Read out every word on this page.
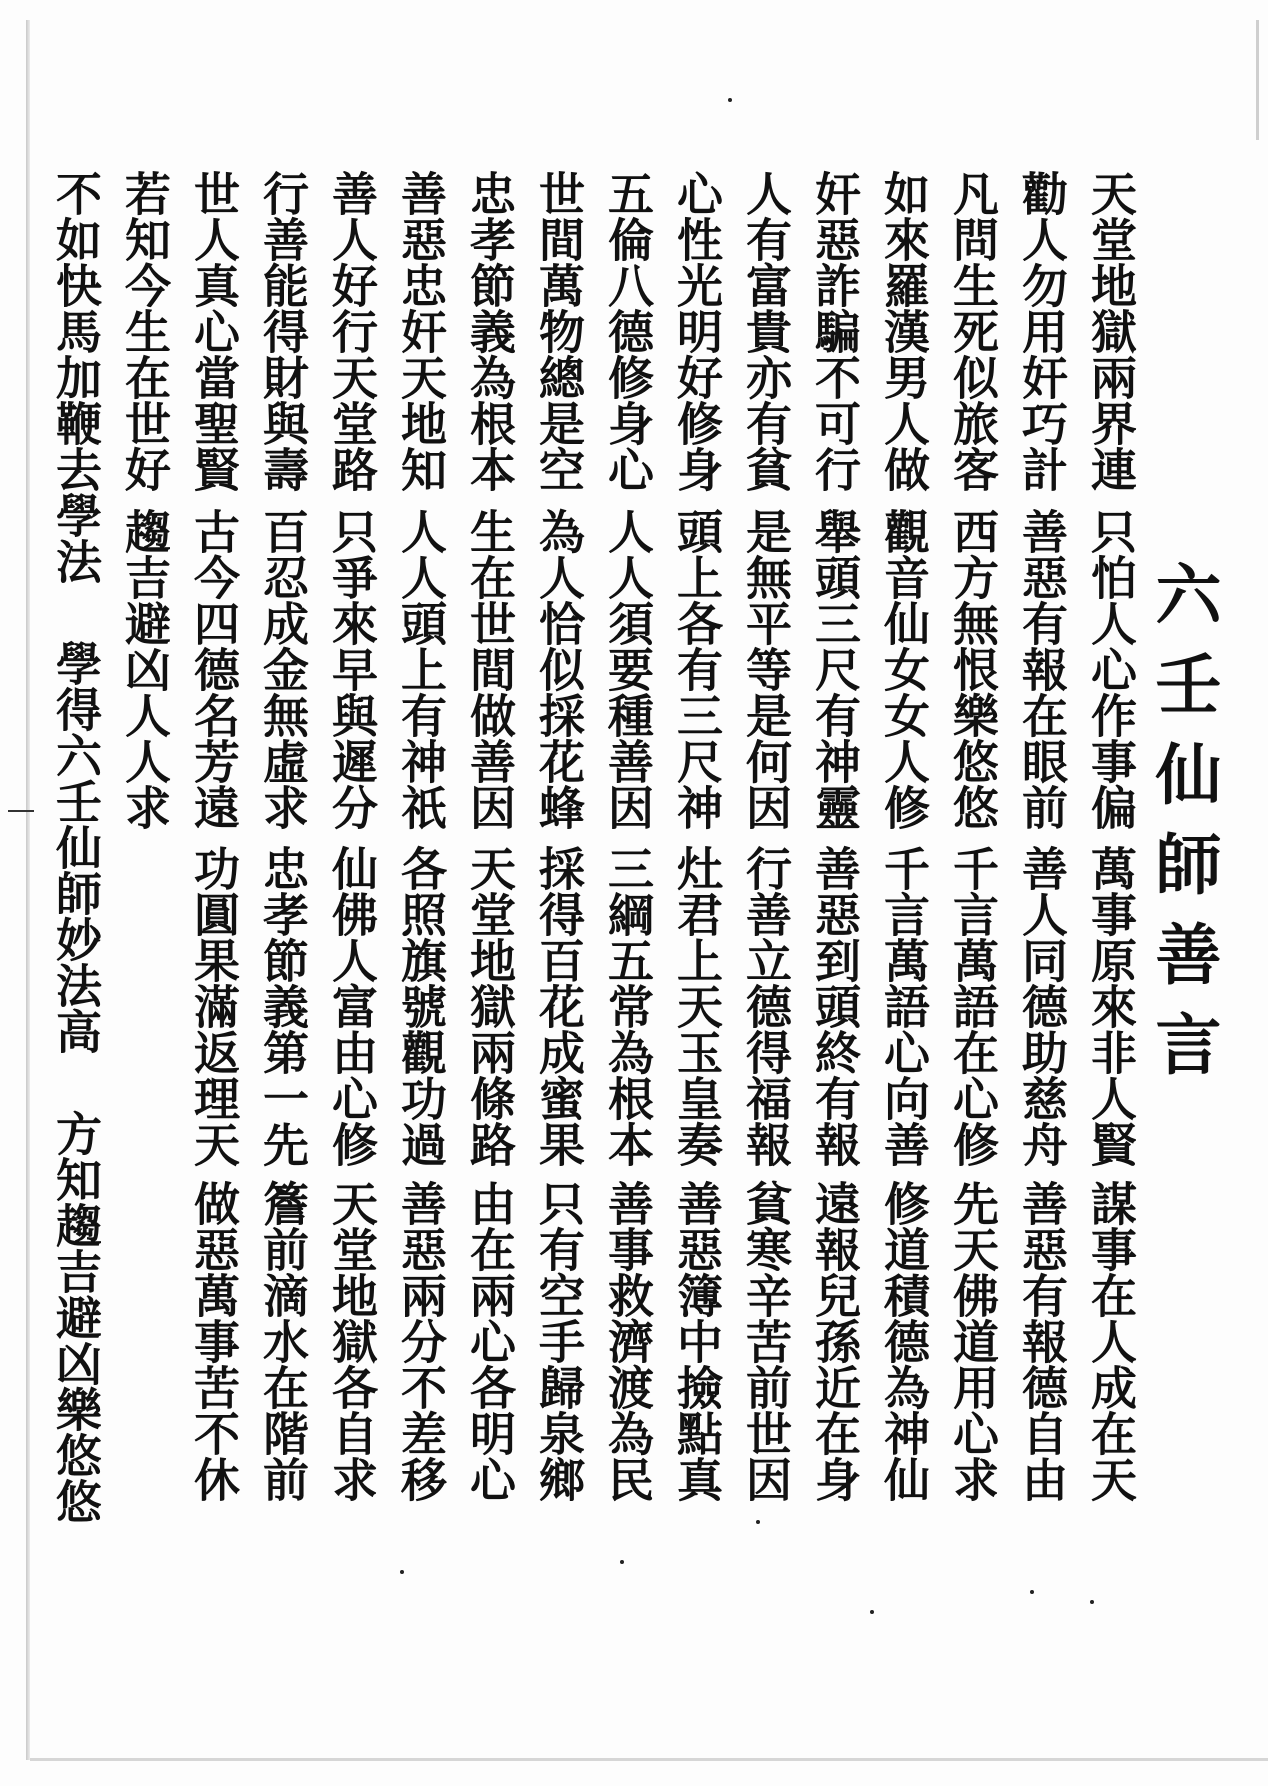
六壬仙師善言
天堂地獄兩界連
只怕人心作事偏
萬事原來非人賢
謀事在人成在天
勸人勿用奸巧計
善惡有報在眼前
善人同德助慈舟
善惡有報德自由
凡問生死似旅客
西方無恨樂悠悠
千言萬語在心修
先天佛道用心求
如來羅漢男人做
觀音仙女女人修
千言萬語心向善
修道積德為神仙
奸惡詐騙不可行
舉頭三尺有神靈
善惡到頭終有報
遠報兒孫近在身
人有富貴亦有貧
是無平等是何因
行善立德得福報
貧寒辛苦前世因
心性光明好修身
頭上各有三尺神
灶君上天玉皇奏
善惡簿中撿點真
五倫八德修身心
人人須要種善因
三綱五常為根本
善事救濟渡為民
世間萬物總是空
為人恰似採花蜂
採得百花成蜜果
只有空手歸泉鄉
忠孝節義為根本
生在世間做善因
天堂地獄兩條路
由在兩心各明心
善惡忠奸天地知
人人頭上有神祇
各照旗號觀功過
善惡兩分不差移
善人好行天堂路
只爭來早與遲分
仙佛人富由心修
天堂地獄各自求
行善能得財與壽
百忍成金無虛求
忠孝節義第一先
簷前滴水在階前
世人真心當聖賢
古今四德名芳遠
功圓果滿返理天
做惡萬事苦不休
若知今生在世好
趨吉避凶人人求
不如快馬加鞭去學法
學得六壬仙師妙法高
方知趨吉避凶樂悠悠
